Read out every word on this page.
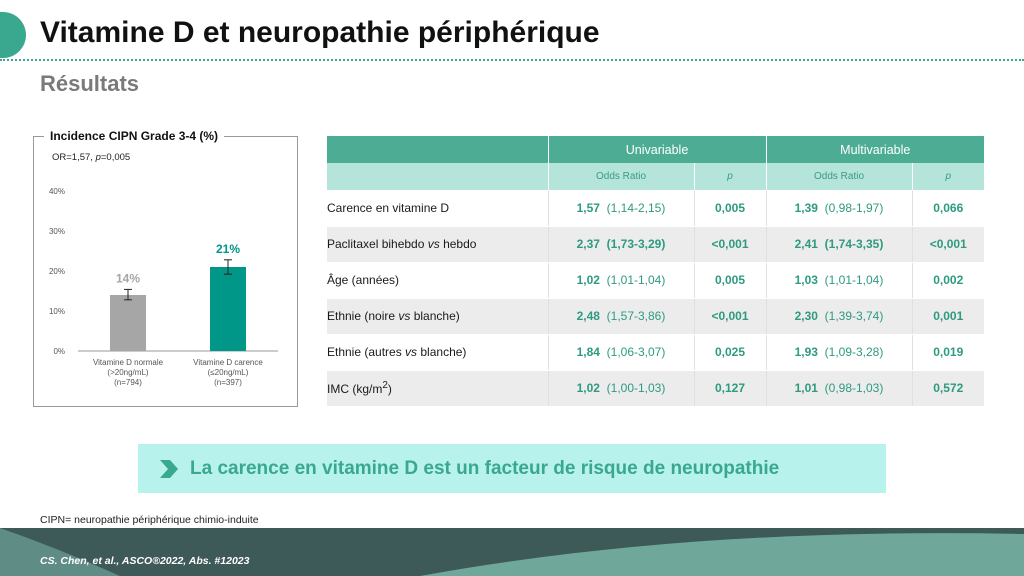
Vitamine D et neuropathie périphérique
Résultats
Incidence CIPN Grade 3-4 (%)
OR=1,57, p=0,005
0%
10%
20%
30%
40%
14%
Vitamine D normale
(>20ng/mL)
(n=794)
21%
Vitamine D carence
(≤20ng/mL)
(n=397)
	Univariable		Multivariable	
	Odds Ratio	p	Odds Ratio	p
Carence en vitamine D	1,57 (1,14-2,15)	0,005	1,39 (0,98-1,97)	0,066
Paclitaxel bihebdo vs hebdo	2,37 (1,73-3,29)	<0,001	2,41 (1,74-3,35)	<0,001
Âge (années)	1,02 (1,01-1,04)	0,005	1,03 (1,01-1,04)	0,002
Ethnie (noire vs blanche)	2,48 (1,57-3,86)	<0,001	2,30 (1,39-3,74)	0,001
Ethnie (autres vs blanche)	1,84 (1,06-3,07)	0,025	1,93 (1,09-3,28)	0,019
IMC $(kg/m^2)$	1,02 (1,00-1,03)	0,127	1,01 (0,98-1,03)	0,572
La carence en vitamine D est un facteur de risque de neuropathie
CIPN= neuropathie périphérique chimio-induite
CS. Chen, et al., ASCO®2022, Abs. #12023
